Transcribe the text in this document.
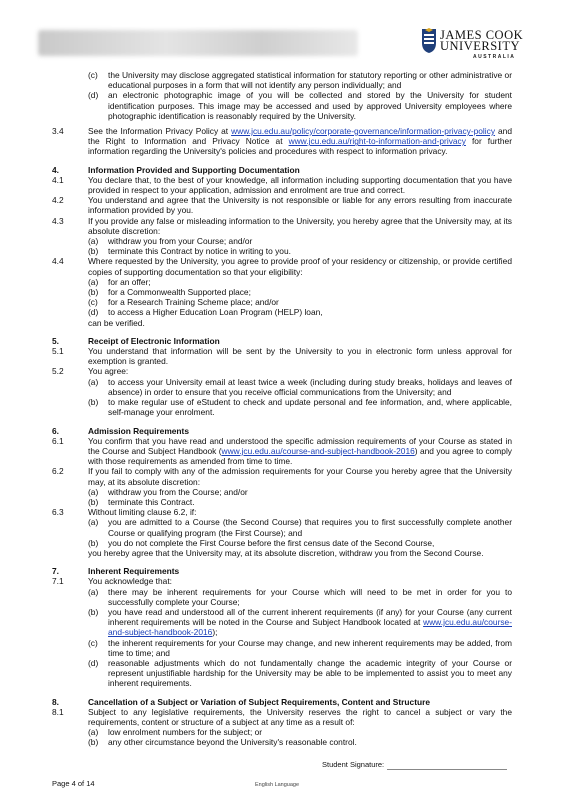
JAMES COOK
UNIVERSITY
AUSTRALIA
(c) the University may disclose aggregated statistical information for statutory reporting or other administrative or educational purposes in a form that will not identify any person individually; and
(d) an electronic photographic image of you will be collected and stored by the University for student identification purposes. This image may be accessed and used by approved University employees where photographic identification is reasonably required by the University.
3.4	See the Information Privacy Policy at www.jcu.edu.au/policy/corporate-governance/information-privacy-policy and the Right to Information and Privacy Notice at www.jcu.edu.au/right-to-information-and-privacy for further information regarding the University's policies and procedures with respect to information privacy.
4.	Information Provided and Supporting Documentation
4.1	You declare that, to the best of your knowledge, all information including supporting documentation that you have provided in respect to your application, admission and enrolment are true and correct.
4.2	You understand and agree that the University is not responsible or liable for any errors resulting from inaccurate information provided by you.
4.3	If you provide any false or misleading information to the University, you hereby agree that the University may, at its absolute discretion:
(a) withdraw you from your Course; and/or
(b) terminate this Contract by notice in writing to you.
4.4	Where requested by the University, you agree to provide proof of your residency or citizenship, or provide certified copies of supporting documentation so that your eligibility:
(a) for an offer;
(b) for a Commonwealth Supported place;
(c) for a Research Training Scheme place; and/or
(d) to access a Higher Education Loan Program (HELP) loan,
can be verified.
5.	Receipt of Electronic Information
5.1	You understand that information will be sent by the University to you in electronic form unless approval for exemption is granted.
5.2	You agree:
(a) to access your University email at least twice a week (including during study breaks, holidays and leaves of absence) in order to ensure that you receive official communications from the University; and
(b) to make regular use of eStudent to check and update personal and fee information, and, where applicable, self-manage your enrolment.
6.	Admission Requirements
6.1	You confirm that you have read and understood the specific admission requirements of your Course as stated in the Course and Subject Handbook (www.jcu.edu.au/course-and-subject-handbook-2016) and you agree to comply with those requirements as amended from time to time.
6.2	If you fail to comply with any of the admission requirements for your Course you hereby agree that the University may, at its absolute discretion:
(a) withdraw you from the Course; and/or
(b) terminate this Contract.
6.3	Without limiting clause 6.2, if:
(a) you are admitted to a Course (the Second Course) that requires you to first successfully complete another Course or qualifying program (the First Course); and
(b) you do not complete the First Course before the first census date of the Second Course,
you hereby agree that the University may, at its absolute discretion, withdraw you from the Second Course.
7.	Inherent Requirements
7.1	You acknowledge that:
(a) there may be inherent requirements for your Course which will need to be met in order for you to successfully complete your Course;
(b) you have read and understood all of the current inherent requirements (if any) for your Course (any current inherent requirements will be noted in the Course and Subject Handbook located at www.jcu.edu.au/course-and-subject-handbook-2016);
(c) the inherent requirements for your Course may change, and new inherent requirements may be added, from time to time; and
(d) reasonable adjustments which do not fundamentally change the academic integrity of your Course or represent unjustifiable hardship for the University may be able to be implemented to assist you to meet any inherent requirements.
8.	Cancellation of a Subject or Variation of Subject Requirements, Content and Structure
8.1	Subject to any legislative requirements, the University reserves the right to cancel a subject or vary the requirements, content or structure of a subject at any time as a result of:
(a) low enrolment numbers for the subject; or
(b) any other circumstance beyond the University's reasonable control.
Student Signature:
Page 4 of 14	English Language
